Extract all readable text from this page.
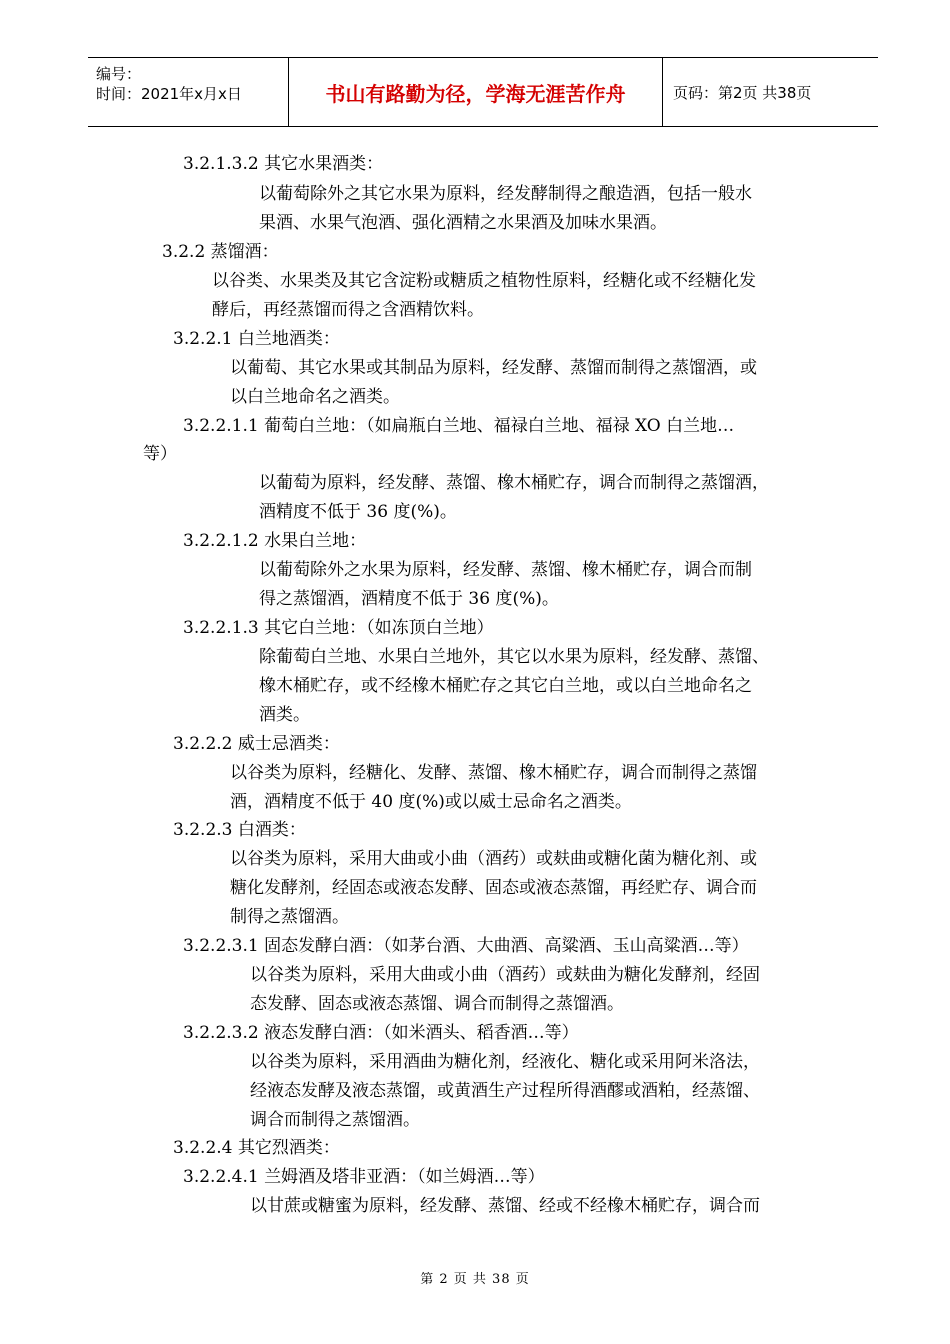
编号：
时间：2021年x月x日	书山有路勤为径，学海无涯苦作舟	页码：第2页 共38页
3.2.1.3.2 其它水果酒类：
以葡萄除外之其它水果为原料，经发酵制得之酿造酒，包括一般水
果酒、水果气泡酒、强化酒精之水果酒及加味水果酒。
3.2.2 蒸馏酒：
以谷类、水果类及其它含淀粉或糖质之植物性原料，经糖化或不经糖化发
酵后，再经蒸馏而得之含酒精饮料。
3.2.2.1 白兰地酒类：
以葡萄、其它水果或其制品为原料，经发酵、蒸馏而制得之蒸馏酒，或
以白兰地命名之酒类。
3.2.2.1.1 葡萄白兰地：（如扁瓶白兰地、福禄白兰地、福禄 XO 白兰地…
等）
以葡萄为原料，经发酵、蒸馏、橡木桶贮存，调合而制得之蒸馏酒，
酒精度不低于 36 度(%)。
3.2.2.1.2 水果白兰地：
以葡萄除外之水果为原料，经发酵、蒸馏、橡木桶贮存，调合而制
得之蒸馏酒，酒精度不低于 36 度(%)。
3.2.2.1.3 其它白兰地：（如冻顶白兰地）
除葡萄白兰地、水果白兰地外，其它以水果为原料，经发酵、蒸馏、
橡木桶贮存，或不经橡木桶贮存之其它白兰地，或以白兰地命名之
酒类。
3.2.2.2 威士忌酒类：
以谷类为原料，经糖化、发酵、蒸馏、橡木桶贮存，调合而制得之蒸馏
酒，酒精度不低于 40 度(%)或以威士忌命名之酒类。
3.2.2.3 白酒类：
以谷类为原料，采用大曲或小曲（酒药）或麸曲或糖化菌为糖化剂、或
糖化发酵剂，经固态或液态发酵、固态或液态蒸馏，再经贮存、调合而
制得之蒸馏酒。
3.2.2.3.1 固态发酵白酒：（如茅台酒、大曲酒、高粱酒、玉山高粱酒…等）
以谷类为原料，采用大曲或小曲（酒药）或麸曲为糖化发酵剂，经固
态发酵、固态或液态蒸馏、调合而制得之蒸馏酒。
3.2.2.3.2 液态发酵白酒：（如米酒头、稻香酒…等）
以谷类为原料，采用酒曲为糖化剂，经液化、糖化或采用阿米洛法，
经液态发酵及液态蒸馏，或黄酒生产过程所得酒醪或酒粕，经蒸馏、
调合而制得之蒸馏酒。
3.2.2.4 其它烈酒类：
3.2.2.4.1 兰姆酒及塔非亚酒：（如兰姆酒…等）
以甘蔗或糖蜜为原料，经发酵、蒸馏、经或不经橡木桶贮存，调合而
第 2 页 共 38 页
